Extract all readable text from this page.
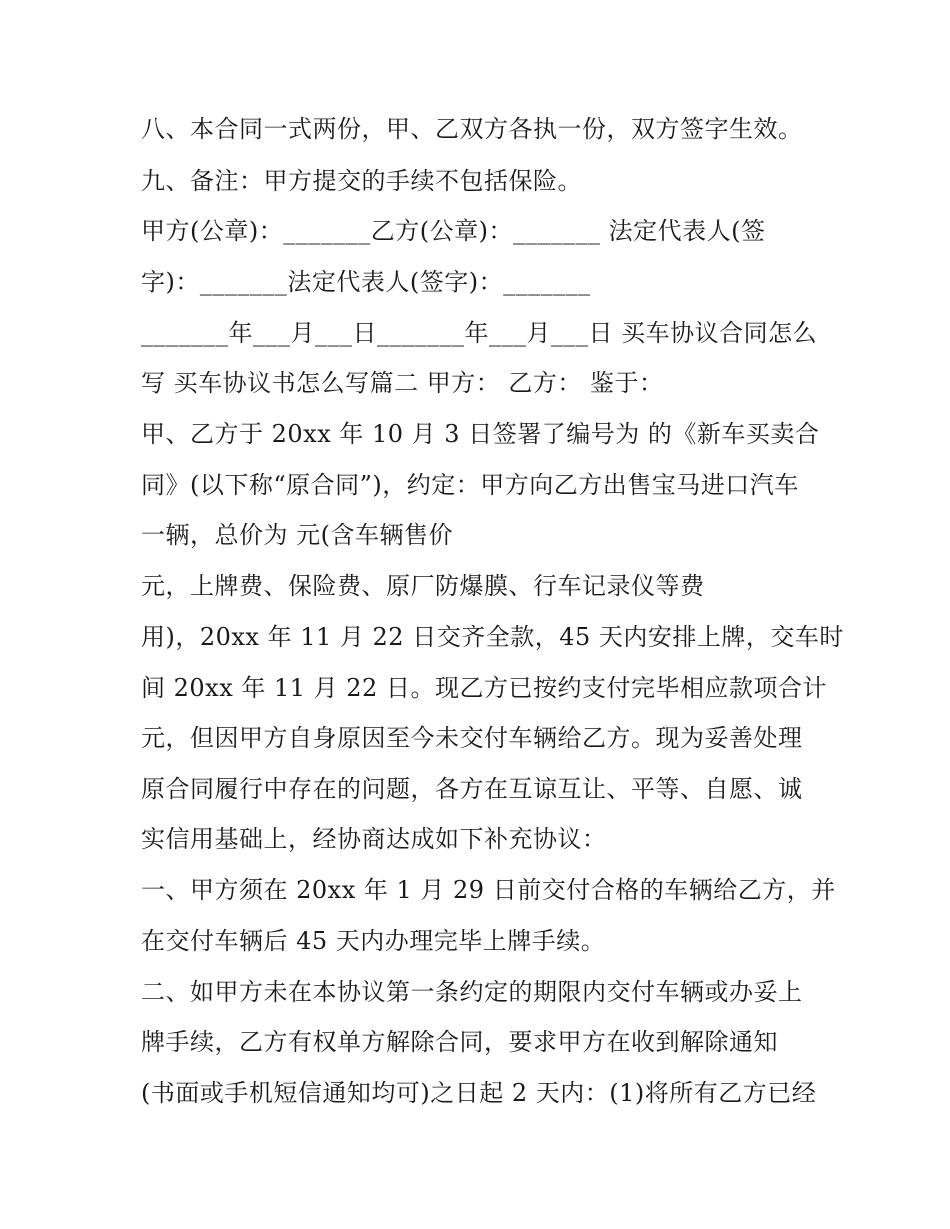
八、本合同一式两份，甲、乙双方各执一份，双方签字生效。
九、备注：甲方提交的手续不包括保险。
甲方(公章)：_______乙方(公章)：_______ 法定代表人(签
字)：_______法定代表人(签字)：_______
_______年___月___日_______年___月___日 买车协议合同怎么
写 买车协议书怎么写篇二 甲方： 乙方： 鉴于：
甲、乙方于 20xx 年 10 月 3 日签署了编号为 的《新车买卖合
同》(以下称“原合同”)，约定：甲方向乙方出售宝马进口汽车
一辆，总价为 元(含车辆售价
元，上牌费、保险费、原厂防爆膜、行车记录仪等费
用)，20xx 年 11 月 22 日交齐全款，45 天内安排上牌，交车时
间 20xx 年 11 月 22 日。现乙方已按约支付完毕相应款项合计
元，但因甲方自身原因至今未交付车辆给乙方。现为妥善处理
原合同履行中存在的问题，各方在互谅互让、平等、自愿、诚
实信用基础上，经协商达成如下补充协议：
一、甲方须在 20xx 年 1 月 29 日前交付合格的车辆给乙方，并
在交付车辆后 45 天内办理完毕上牌手续。
二、如甲方未在本协议第一条约定的期限内交付车辆或办妥上
牌手续，乙方有权单方解除合同，要求甲方在收到解除通知
(书面或手机短信通知均可)之日起 2 天内：(1)将所有乙方已经
